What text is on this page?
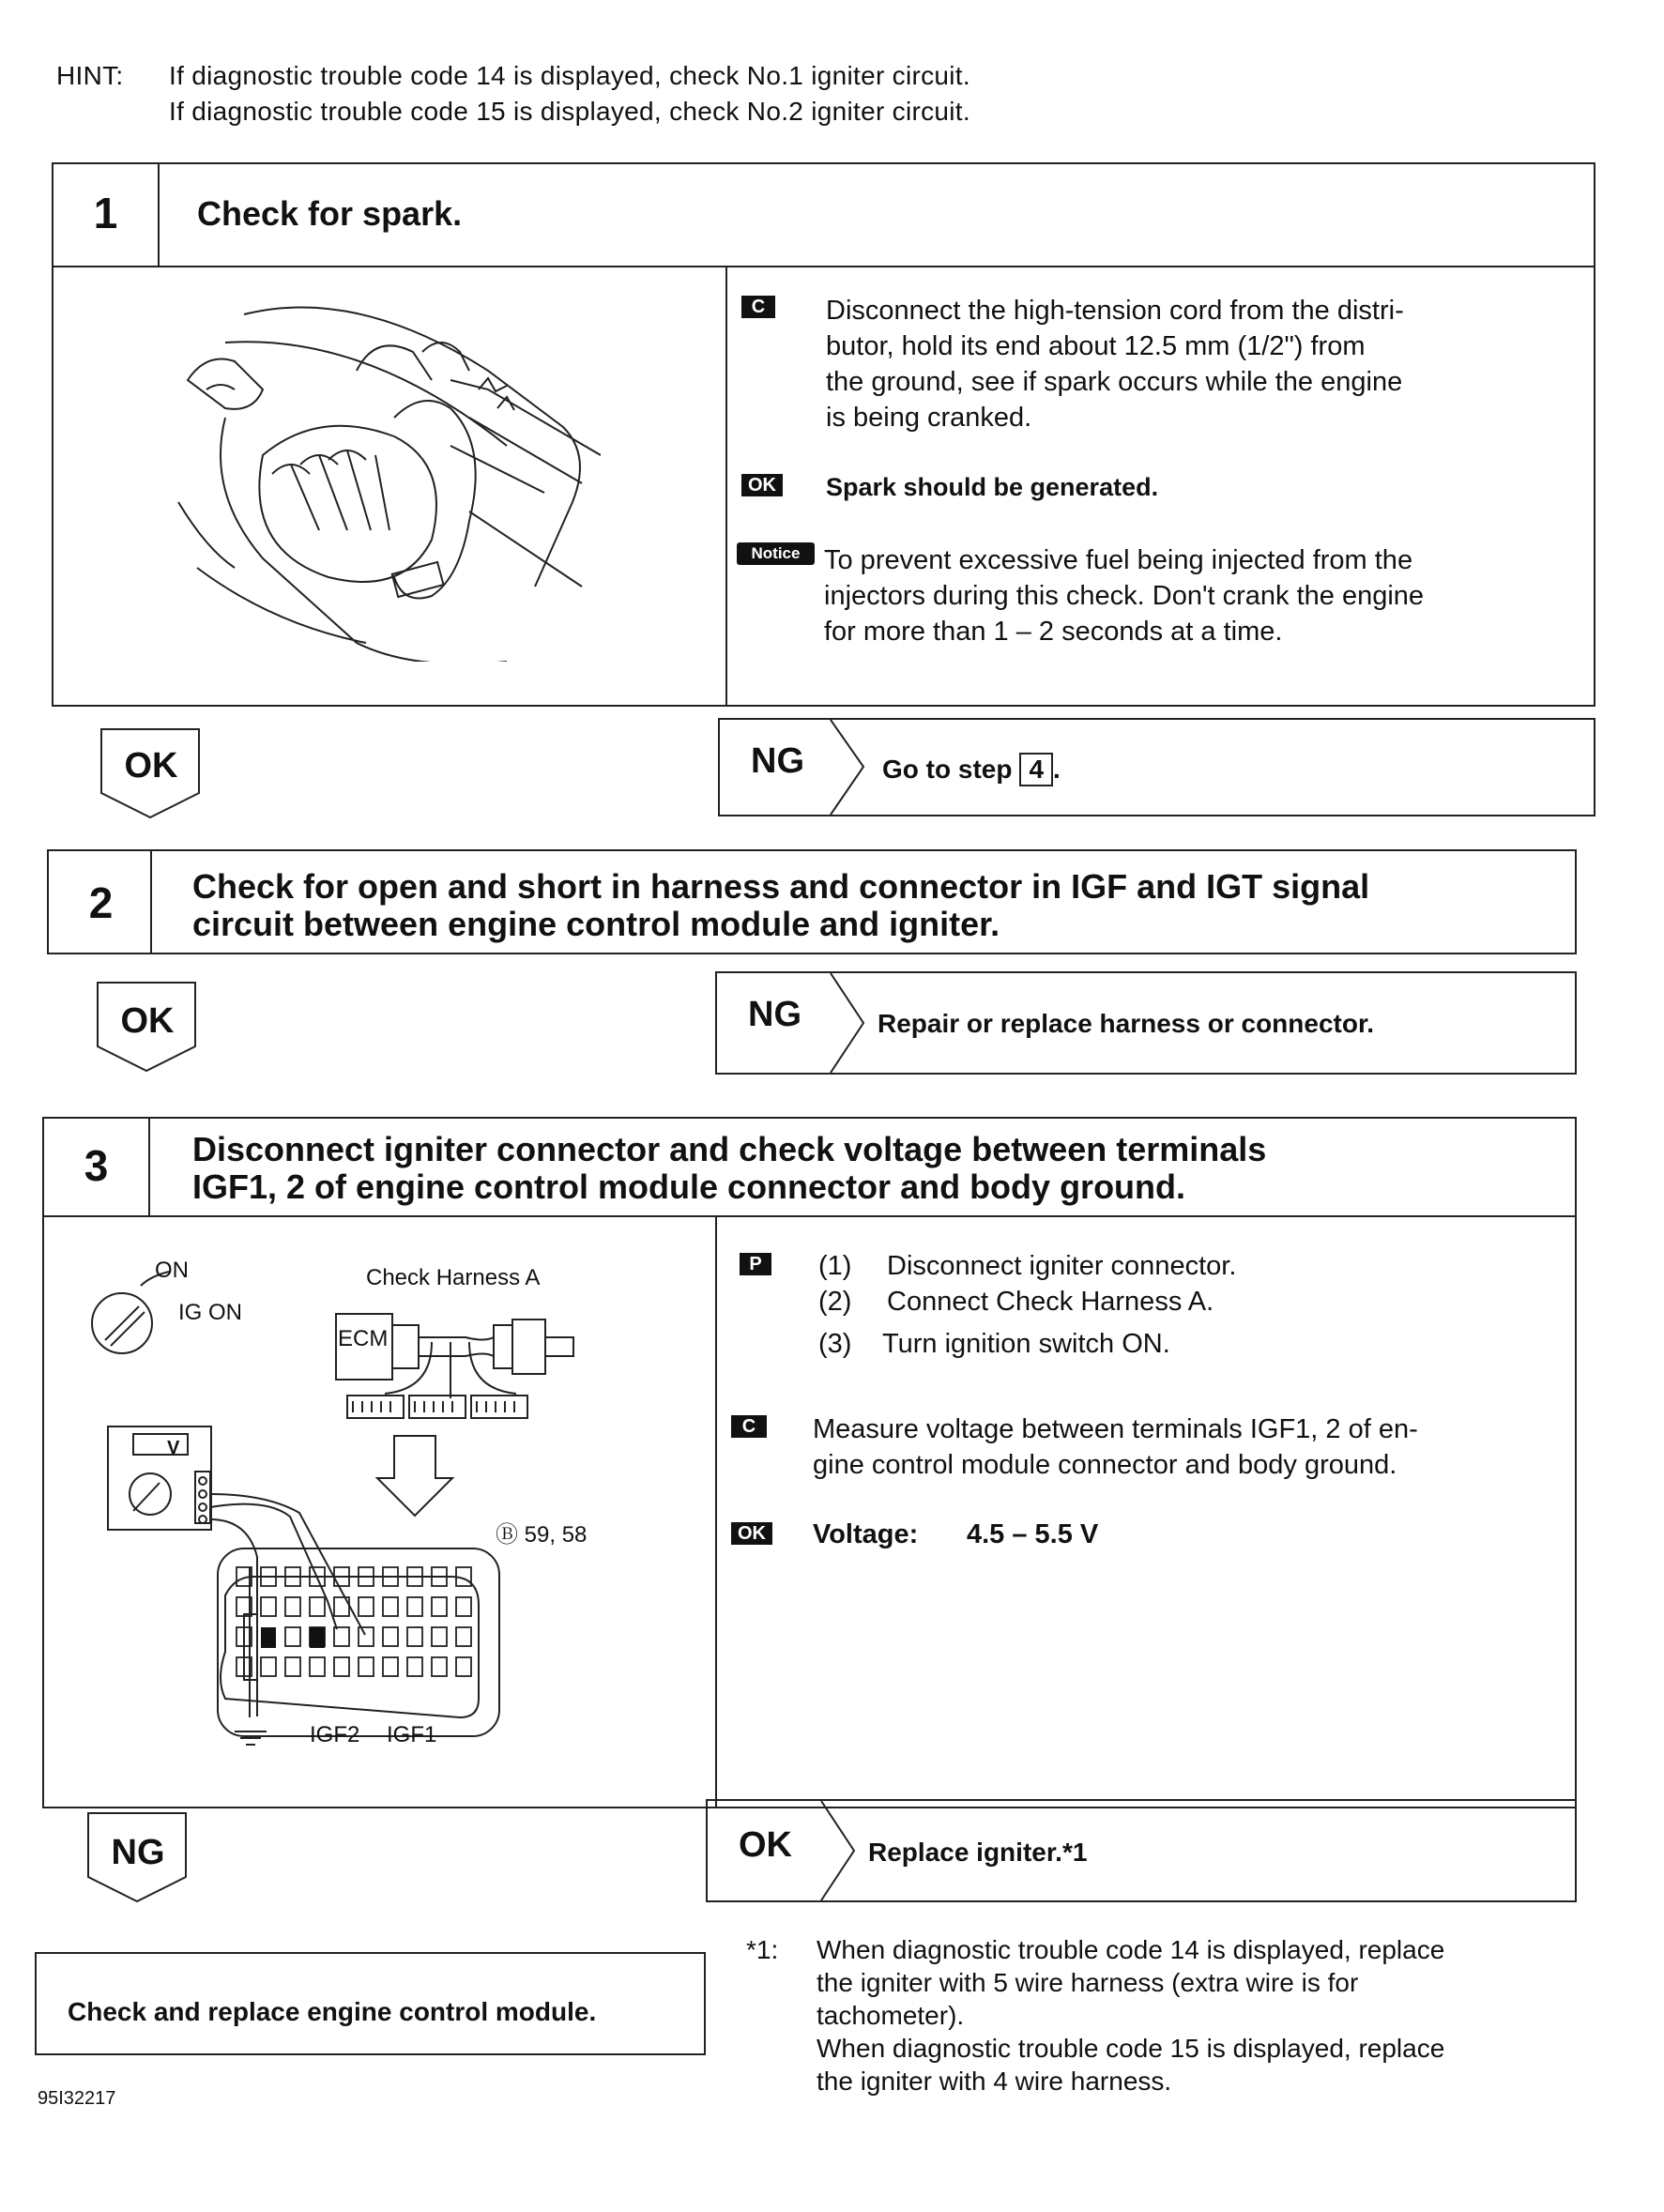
HINT: If diagnostic trouble code 14 is displayed, check No.1 igniter circuit.
If diagnostic trouble code 15 is displayed, check No.2 igniter circuit.
1	Check for spark.
C	Disconnect the high-tension cord from the distri-
butor, hold its end about 12.5 mm (1/2") from
the ground, see if spark occurs while the engine
is being cranked.
OK Spark should be generated.
Notice To prevent excessive fuel being injected from the
injectors during this check. Don't crank the engine
for more than 1 – 2 seconds at a time.
OK	NG	Go to step 4 .
2	Check for open and short in harness and connector in IGF and IGT signal
circuit between engine control module and igniter.
OK	NG	Repair or replace harness or connector.
3	Disconnect igniter connector and check voltage between terminals
IGF1, 2 of engine control module connector and body ground.
ON
IG ON
Check Harness A
ECM
V
Ⓑ 59, 58
IGF2 IGF1
P	(1) Disconnect igniter connector.
(2) Connect Check Harness A.
(3) Turn ignition switch ON.
C	Measure voltage between terminals IGF1, 2 of en-
gine control module connector and body ground.
OK Voltage: 4.5 – 5.5 V
NG	OK	Replace igniter.*1
Check and replace engine control module.
*1: When diagnostic trouble code 14 is displayed, replace
the igniter with 5 wire harness (extra wire is for
tachometer).
When diagnostic trouble code 15 is displayed, replace
the igniter with 4 wire harness.
95I32217
